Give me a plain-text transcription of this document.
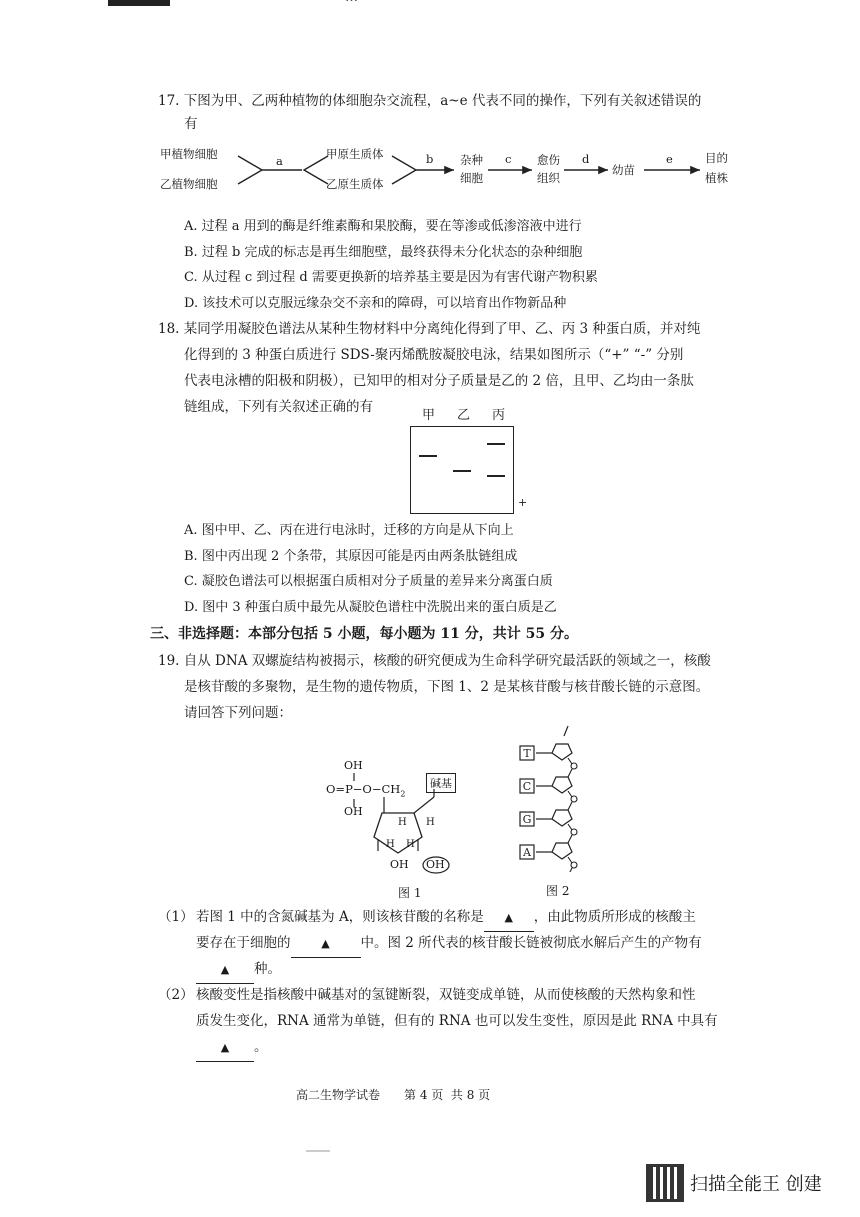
17. 下图为甲、乙两种植物的体细胞杂交流程，a~e 代表不同的操作，下列有关叙述错误的
有
甲植物细胞
乙植物细胞
a	甲原生质体
乙原生质体
b 杂种
细胞
c 愈伤
组织
d
幼苗
e	目的
植株
A. 过程 a 用到的酶是纤维素酶和果胶酶，要在等渗或低渗溶液中进行
B. 过程 b 完成的标志是再生细胞壁，最终获得未分化状态的杂种细胞
C. 从过程 c 到过程 d 需要更换新的培养基主要是因为有害代谢产物积累
D. 该技术可以克服远缘杂交不亲和的障碍，可以培育出作物新品种
18. 某同学用凝胶色谱法从某种生物材料中分离纯化得到了甲、乙、丙 3 种蛋白质，并对纯
化得到的 3 种蛋白质进行 SDS-聚丙烯酰胺凝胶电泳，结果如图所示（“+” “-” 分别
代表电泳槽的阳极和阴极），已知甲的相对分子质量是乙的 2 倍，且甲、乙均由一条肽
链组成，下列有关叙述正确的有
甲 乙 丙
+
A. 图中甲、乙、丙在进行电泳时，迁移的方向是从下向上
B. 图中丙出现 2 个条带，其原因可能是丙由两条肽链组成
C. 凝胶色谱法可以根据蛋白质相对分子质量的差异来分离蛋白质
D. 图中 3 种蛋白质中最先从凝胶色谱柱中洗脱出来的蛋白质是乙
三、非选择题：本部分包括 5 小题，每小题为 11 分，共计 55 分。
19. 自从 DNA 双螺旋结构被揭示，核酸的研究便成为生命科学研究最活跃的领域之一，核酸
是核苷酸的多聚物，是生物的遗传物质，下图 1、2 是某核苷酸与核苷酸长链的示意图。
请回答下列问题：
OH
$O=P-O-CH_2$
OH
碱基
H H
H H
OH OH
图 1
T
C
G
A
图 2
（1） 若图 1 中的含氮碱基为 A，则该核苷酸的名称是 ▲ ，由此物质所形成的核酸主
要存在于细胞的	▲ 中。图 2 所代表的核苷酸长链被彻底水解后产生的产物有
▲ 种。
（2） 核酸变性是指核酸中碱基对的氢键断裂，双链变成单链，从而使核酸的天然构象和性
质发生变化，RNA 通常为单链，但有的 RNA 也可以发生变性，原因是此 RNA 中具有
▲ 。
高二生物学试卷　　第 4 页  共 8 页
扫描全能王 创建
